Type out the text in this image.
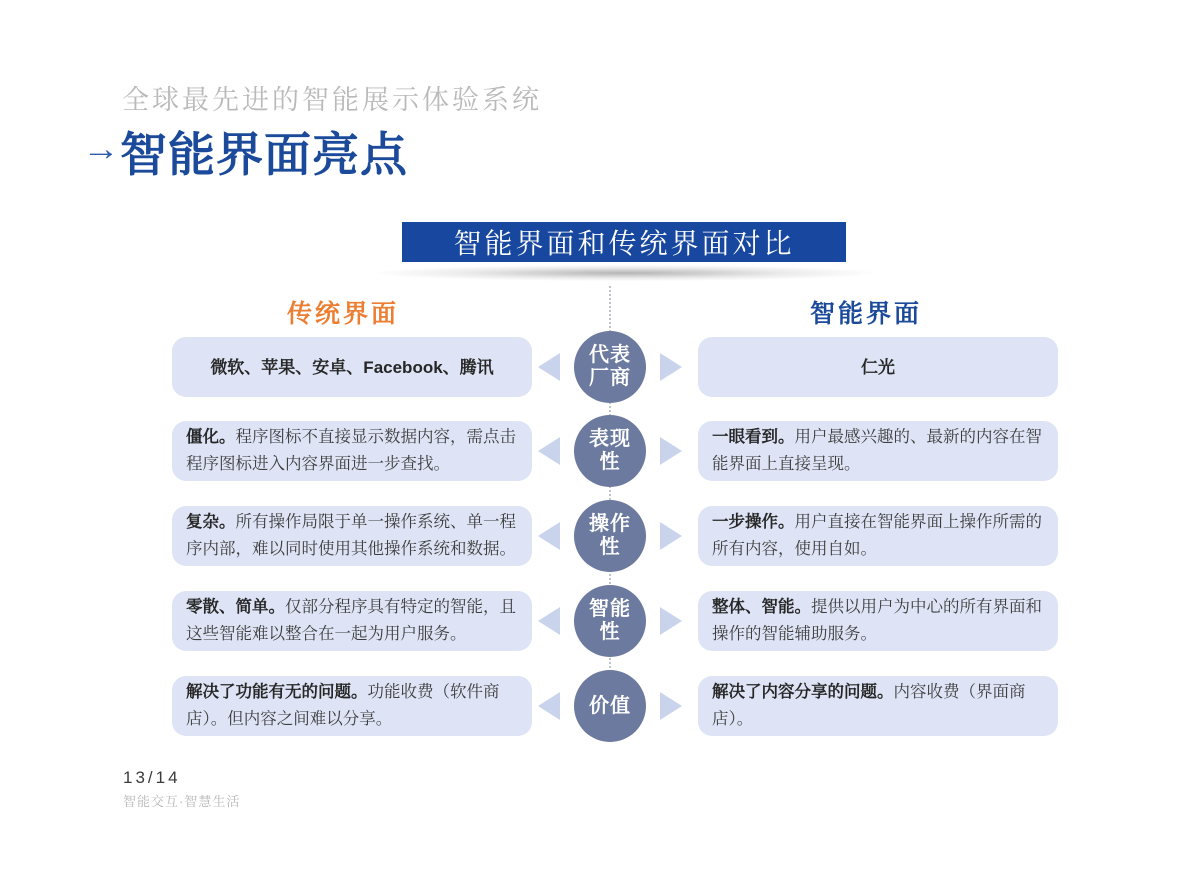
全球最先进的智能展示体验系统
→ 智能界面亮点
智能界面和传统界面对比
传统界面	智能界面
微软、苹果、安卓、Facebook、腾讯
代表
厂商	仁光
僵化。程序图标不直接显示数据内容，需点击程序图标进入内容界面进一步查找。
表现
性
一眼看到。用户最感兴趣的、最新的内容在智能界面上直接呈现。
复杂。所有操作局限于单一操作系统、单一程序内部，难以同时使用其他操作系统和数据。
操作
性
一步操作。用户直接在智能界面上操作所需的所有内容，使用自如。
零散、简单。仅部分程序具有特定的智能，且这些智能难以整合在一起为用户服务。
智能
性
整体、智能。提供以用户为中心的所有界面和操作的智能辅助服务。
解决了功能有无的问题。功能收费（软件商店）。但内容之间难以分享。
价值
解决了内容分享的问题。内容收费（界面商店）。
13/14
智能交互·智慧生活
